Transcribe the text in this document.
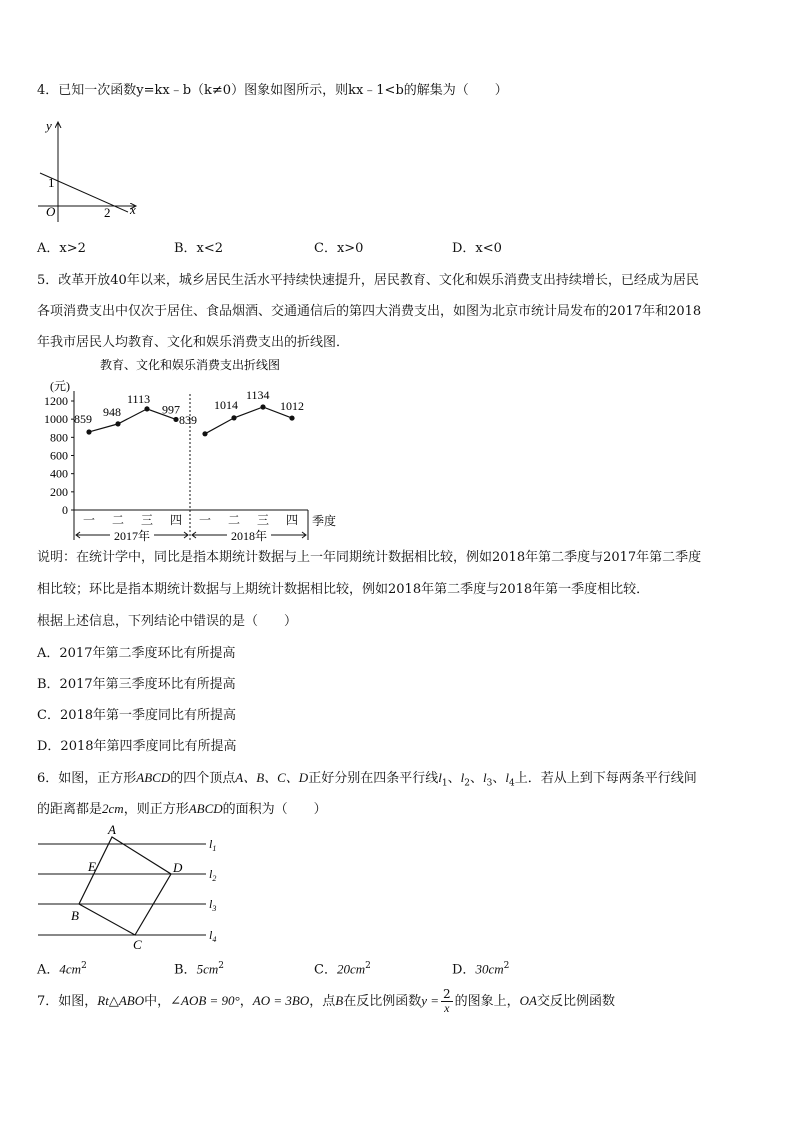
4．已知一次函数y=kx﹣b（k≠0）图象如图所示，则kx﹣1<b的解集为（　　）
y
x
O
1
2
A．x>2	B．x<2	C．x>0	D．x<0
5．改革开放40年以来，城乡居民生活水平持续快速提升，居民教育、文化和娱乐消费支出持续增长，已经成为居民
各项消费支出中仅次于居住、食品烟酒、交通通信后的第四大消费支出，如图为北京市统计局发布的2017年和2018
年我市居民人均教育、文化和娱乐消费支出的折线图．
教育、文化和娱乐消费支出折线图
(元)
季度
0
200
400
600
800
1000
1200
一 二 三 四 一 二 三 四
2017年	2018年
859
948
1113
997
839
1014
1134
1012
说明：在统计学中，同比是指本期统计数据与上一年同期统计数据相比较，例如2018年第二季度与2017年第二季度
相比较；环比是指本期统计数据与上期统计数据相比较，例如2018年第二季度与2018年第一季度相比较．
根据上述信息，下列结论中错误的是（　　）
A．2017年第二季度环比有所提高
B．2017年第三季度环比有所提高
C．2018年第一季度同比有所提高
D．2018年第四季度同比有所提高
6．如图，正方形ABCD的四个顶点A、B、C、D正好分别在四条平行线$l_1$、$l_2$、$l_3$、$l_4$上．若从上到下每两条平行线间
的距离都是2cm，则正方形ABCD的面积为（　　）
A
E	D
B
C
$l_1$
$l_2$
$l_3$
$l_4$
A．$4cm^2$	B．$5cm^2$	C．$20cm^2$	D．$30cm^2$
7．如图，Rt△ABO中，∠AOB = 90°，AO = 3BO，点B在反比例函数$y = \frac{2}{x}$ 的图象上，OA交反比例函数
